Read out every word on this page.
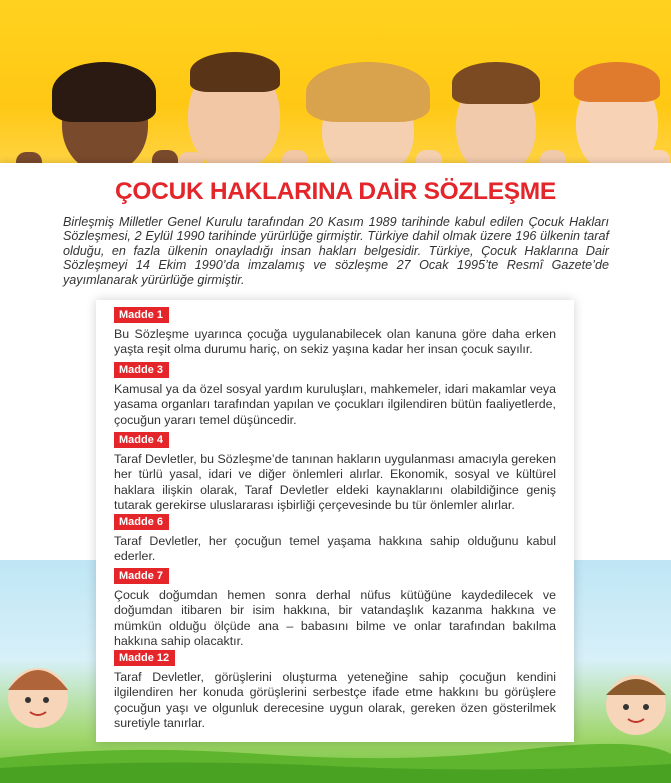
ÇOCUK HAKLARINA DAİR SÖZLEŞME

Birleşmiş Milletler Genel Kurulu tarafından 20 Kasım 1989 tarihinde kabul edilen Çocuk Hakları Sözleşmesi, 2 Eylül 1990 tarihinde yürürlüğe girmiştir. Türkiye dahil olmak üzere 196 ülkenin taraf olduğu, en fazla ülkenin onayladığı insan hakları belgesidir. Türkiye, Çocuk Haklarına Dair Sözleşmeyi 14 Ekim 1990’da imzalamış ve sözleşme 27 Ocak 1995’te Resmî Gazete’de yayımlanarak yürürlüğe girmiştir.

Madde 1

Bu Sözleşme uyarınca çocuğa uygulanabilecek olan kanuna göre daha erken yaşta reşit olma durumu hariç, on sekiz yaşına kadar her insan çocuk sayılır.

Madde 3

Kamusal ya da özel sosyal yardım kuruluşları, mahkemeler, idari makamlar veya yasama organları tarafından yapılan ve çocukları ilgilendiren bütün faaliyetlerde, çocuğun yararı temel düşüncedir.

Madde 4

Taraf Devletler, bu Sözleşme’de tanınan hakların uygulanması amacıyla gereken her türlü yasal, idari ve diğer önlemleri alırlar. Ekonomik, sosyal ve kültürel haklara ilişkin olarak, Taraf Devletler eldeki kaynaklarını olabildiğince geniş tutarak gerekirse uluslararası işbirliği çerçevesinde bu tür önlemler alırlar.

Madde 6

Taraf Devletler, her çocuğun temel yaşama hakkına sahip olduğunu kabul ederler.

Madde 7

Çocuk doğumdan hemen sonra derhal nüfus kütüğüne kaydedilecek ve doğumdan itibaren bir isim hakkına, bir vatandaşlık kazanma hakkına ve mümkün olduğu ölçüde ana – babasını bilme ve onlar tarafından bakılma hakkına sahip olacaktır.

Madde 12

Taraf Devletler, görüşlerini oluşturma yeteneğine sahip çocuğun kendini ilgilendiren her konuda görüşlerini serbestçe ifade etme hakkını bu görüşlere çocuğun yaşı ve olgunluk derecesine uygun olarak, gereken özen gösterilmek suretiyle tanırlar.
